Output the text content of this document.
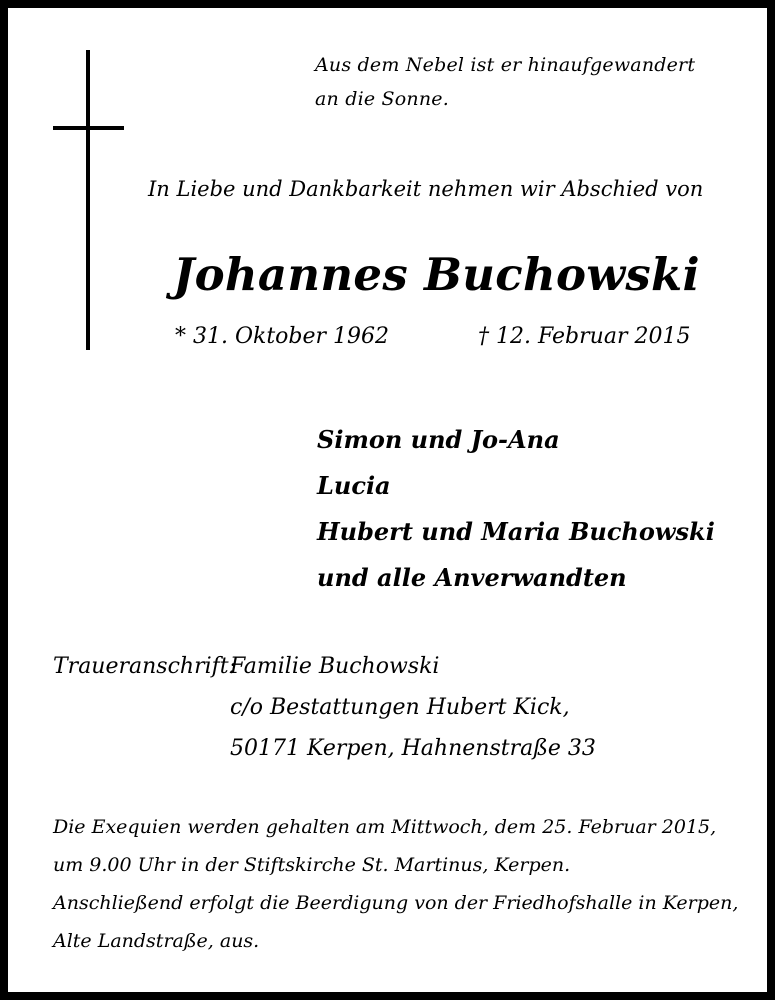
Aus dem Nebel ist er hinaufgewandert
an die Sonne.
In Liebe und Dankbarkeit nehmen wir Abschied von
Johannes Buchowski
* 31. Oktober 1962	† 12. Februar 2015
Simon und Jo-Ana
Lucia
Hubert und Maria Buchowski
und alle Anverwandten
Traueranschrift:
Familie Buchowski
c/o Bestattungen Hubert Kick,
50171 Kerpen, Hahnenstraße 33
Die Exequien werden gehalten am Mittwoch, dem 25. Februar 2015,
um 9.00 Uhr in der Stiftskirche St. Martinus, Kerpen.
Anschließend erfolgt die Beerdigung von der Friedhofshalle in Kerpen,
Alte Landstraße, aus.
